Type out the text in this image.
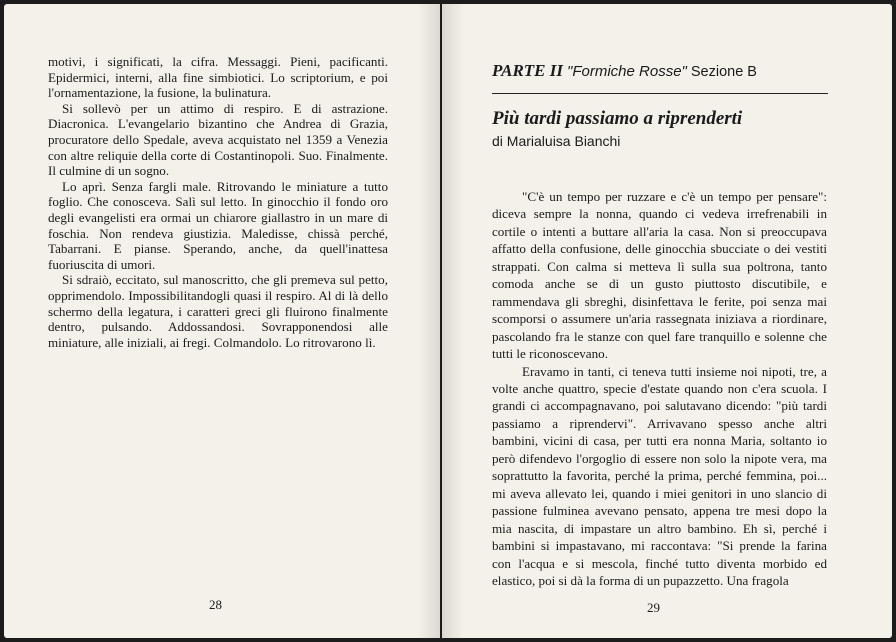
motivi, i significati, la cifra. Messaggi. Pieni, pacificanti. Epidermici, interni, alla fine simbiotici. Lo scriptorium, e poi l'ornamentazione, la fusione, la bulinatura.

Si sollevò per un attimo di respiro. E di astrazione. Diacronica. L'evangelario bizantino che Andrea di Grazia, procuratore dello Spedale, aveva acquistato nel 1359 a Venezia con altre reliquie della corte di Costantinopoli. Suo. Finalmente. Il culmine di un sogno.

Lo aprì. Senza fargli male. Ritrovando le miniature a tutto foglio. Che conosceva. Salì sul letto. In ginocchio il fondo oro degli evangelisti era ormai un chiarore giallastro in un mare di foschia. Non rendeva giustizia. Maledisse, chissà perché, Tabarrani. E pianse. Sperando, anche, da quell'inattesa fuoriuscita di umori.

Si sdraiò, eccitato, sul manoscritto, che gli premeva sul petto, opprimendolo. Impossibilitandogli quasi il respiro. Al di là dello schermo della legatura, i caratteri greci gli fluirono finalmente dentro, pulsando. Addossandosi. Sovrapponendosi alle miniature, alle iniziali, ai fregi. Colmandolo. Lo ritrovarono lì.

28
PARTE II "Formiche Rosse" Sezione B
Più tardi passiamo a riprenderti
di Marialuisa Bianchi

"C'è un tempo per ruzzare e c'è un tempo per pensare": diceva sempre la nonna, quando ci vedeva irrefrenabili in cortile o intenti a buttare all'aria la casa. Non si preoccupava affatto della confusione, delle ginocchia sbucciate o dei vestiti strappati. Con calma si metteva lì sulla sua poltrona, tanto comoda anche se di un gusto piuttosto discutibile, e rammendava gli sbreghi, disinfettava le ferite, poi senza mai scomporsi o assumere un'aria rassegnata iniziava a riordinare, pascolando fra le stanze con quel fare tranquillo e solenne che tutti le riconoscevano.

Eravamo in tanti, ci teneva tutti insieme noi nipoti, tre, a volte anche quattro, specie d'estate quando non c'era scuola. I grandi ci accompagnavano, poi salutavano dicendo: "più tardi passiamo a riprendervi". Arrivavano spesso anche altri bambini, vicini di casa, per tutti era nonna Maria, soltanto io però difendevo l'orgoglio di essere non solo la nipote vera, ma soprattutto la favorita, perché la prima, perché femmina, poi... mi aveva allevato lei, quando i miei genitori in uno slancio di passione fulminea avevano pensato, appena tre mesi dopo la mia nascita, di impastare un altro bambino. Eh sì, perché i bambini si impastavano, mi raccontava: "Si prende la farina con l'acqua e si mescola, finché tutto diventa morbido ed elastico, poi si dà la forma di un pupazzetto. Una fragola

29
